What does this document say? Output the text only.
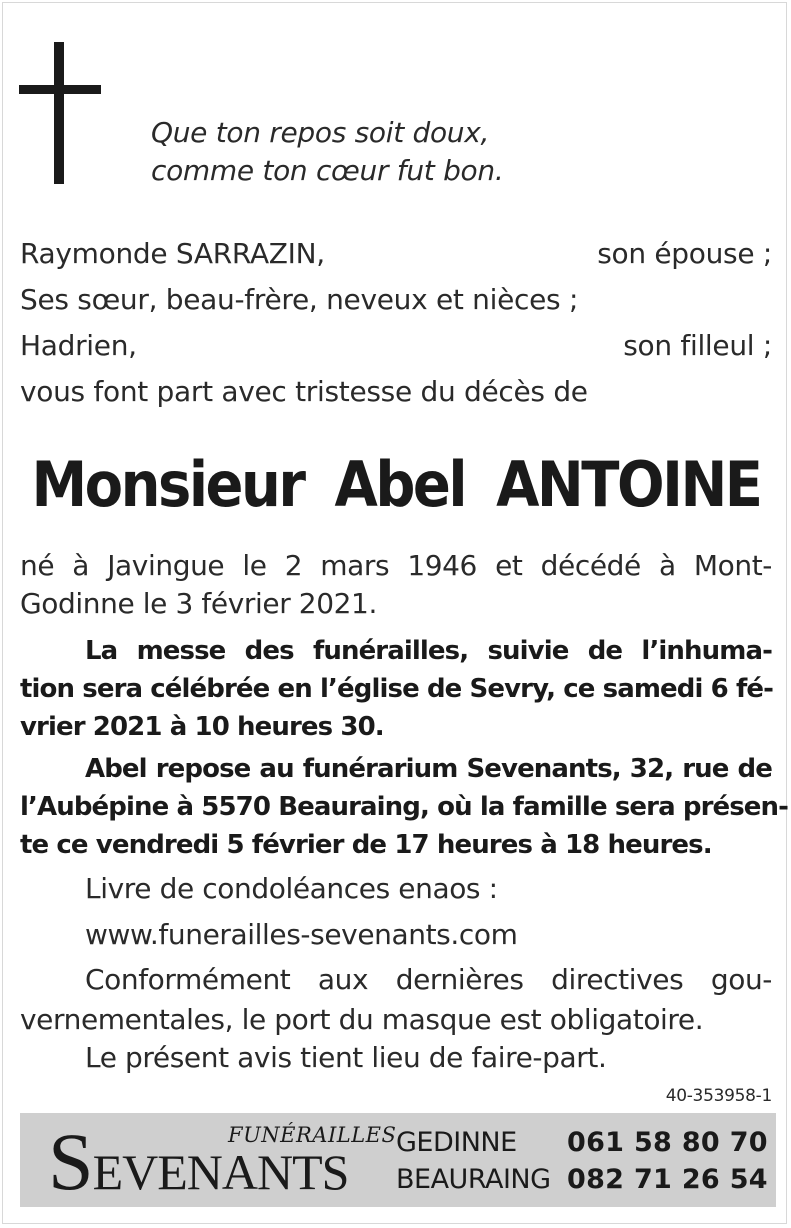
Que ton repos soit doux,
comme ton cœur fut bon.
Raymonde SARRAZIN,	son épouse ;
Ses sœur, beau-frère, neveux et nièces ;
Hadrien,	son filleul ;
vous font part avec tristesse du décès de
Monsieur Abel ANTOINE
né à Javingue le 2 mars 1946 et décédé à Mont-
Godinne le 3 février 2021.
La messe des funérailles, suivie de l’inhuma-
tion sera célébrée en l’église de Sevry, ce samedi 6 fé-
vrier 2021 à 10 heures 30.
Abel repose au funérarium Sevenants, 32, rue de
l’Aubépine à 5570 Beauraing, où la famille sera présen-
te ce vendredi 5 février de 17 heures à 18 heures.
Livre de condoléances enaos :
www.funerailles-sevenants.com
Conformément aux dernières directives gou-
vernementales, le port du masque est obligatoire.
Le présent avis tient lieu de faire-part.
40-353958-1
FUNÉRAILLES
SEVENANTS
GEDINNE 061 58 80 70
BEAURAING 082 71 26 54
